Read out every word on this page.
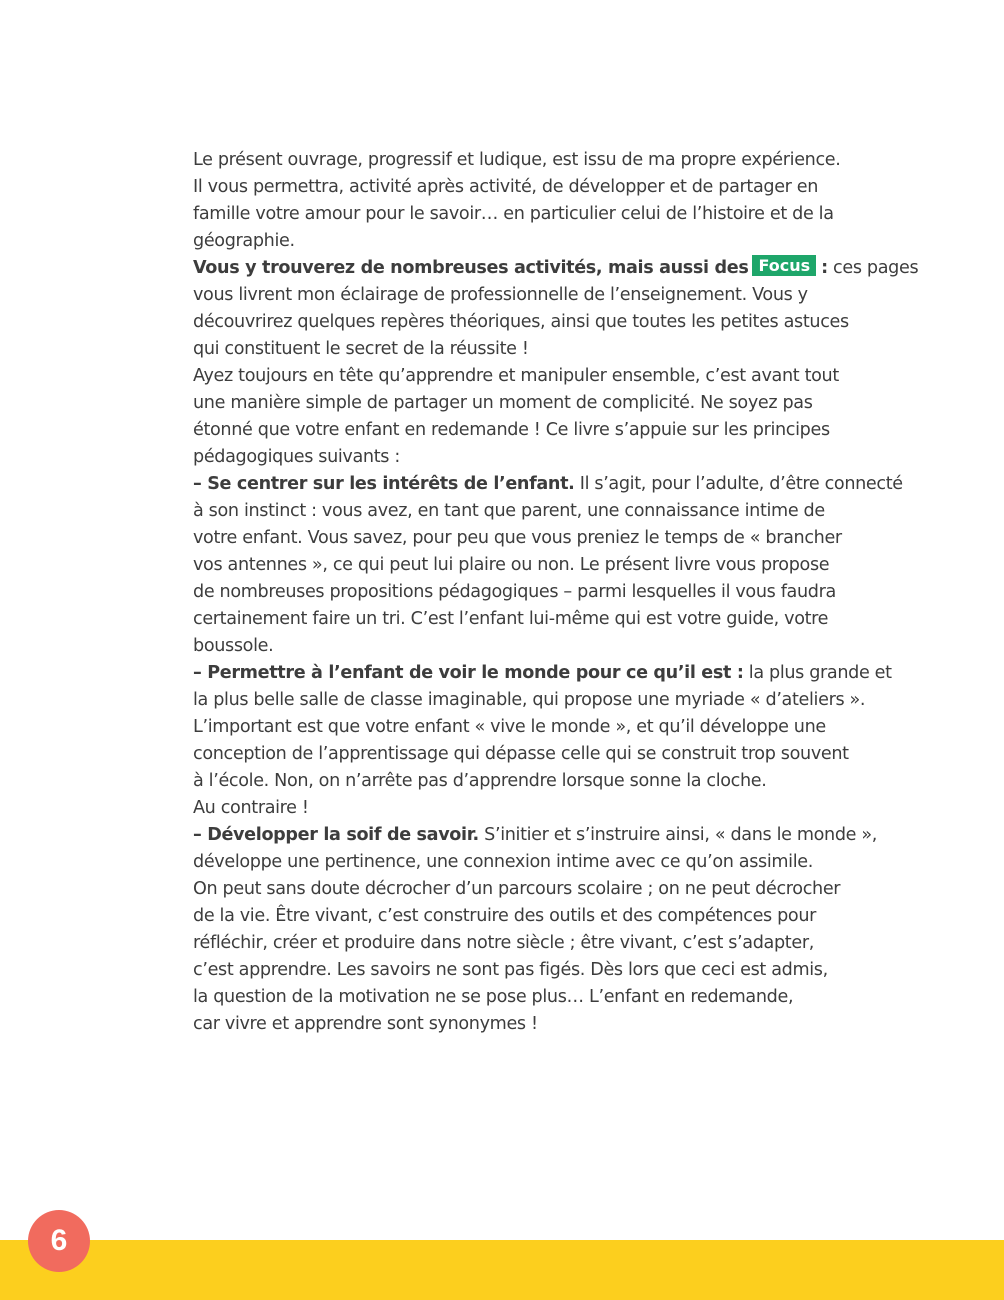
Le présent ouvrage, progressif et ludique, est issu de ma propre expérience.
Il vous permettra, activité après activité, de développer et de partager en
famille votre amour pour le savoir… en particulier celui de l’histoire et de la
géographie.
Vous y trouverez de nombreuses activités, mais aussi des Focus : ces pages
vous livrent mon éclairage de professionnelle de l’enseignement. Vous y
découvrirez quelques repères théoriques, ainsi que toutes les petites astuces
qui constituent le secret de la réussite !
Ayez toujours en tête qu’apprendre et manipuler ensemble, c’est avant tout
une manière simple de partager un moment de complicité. Ne soyez pas
étonné que votre enfant en redemande ! Ce livre s’appuie sur les principes
pédagogiques suivants :
– Se centrer sur les intérêts de l’enfant. Il s’agit, pour l’adulte, d’être connecté
à son instinct : vous avez, en tant que parent, une connaissance intime de
votre enfant. Vous savez, pour peu que vous preniez le temps de « brancher
vos antennes », ce qui peut lui plaire ou non. Le présent livre vous propose
de nombreuses propositions pédagogiques – parmi lesquelles il vous faudra
certainement faire un tri. C’est l’enfant lui-même qui est votre guide, votre
boussole.
– Permettre à l’enfant de voir le monde pour ce qu’il est : la plus grande et
la plus belle salle de classe imaginable, qui propose une myriade « d’ateliers ».
L’important est que votre enfant « vive le monde », et qu’il développe une
conception de l’apprentissage qui dépasse celle qui se construit trop souvent
à l’école. Non, on n’arrête pas d’apprendre lorsque sonne la cloche.
Au contraire !
– Développer la soif de savoir. S’initier et s’instruire ainsi, « dans le monde »,
développe une pertinence, une connexion intime avec ce qu’on assimile.
On peut sans doute décrocher d’un parcours scolaire ; on ne peut décrocher
de la vie. Être vivant, c’est construire des outils et des compétences pour
réfléchir, créer et produire dans notre siècle ; être vivant, c’est s’adapter,
c’est apprendre. Les savoirs ne sont pas figés. Dès lors que ceci est admis,
la question de la motivation ne se pose plus… L’enfant en redemande,
car vivre et apprendre sont synonymes !
6
